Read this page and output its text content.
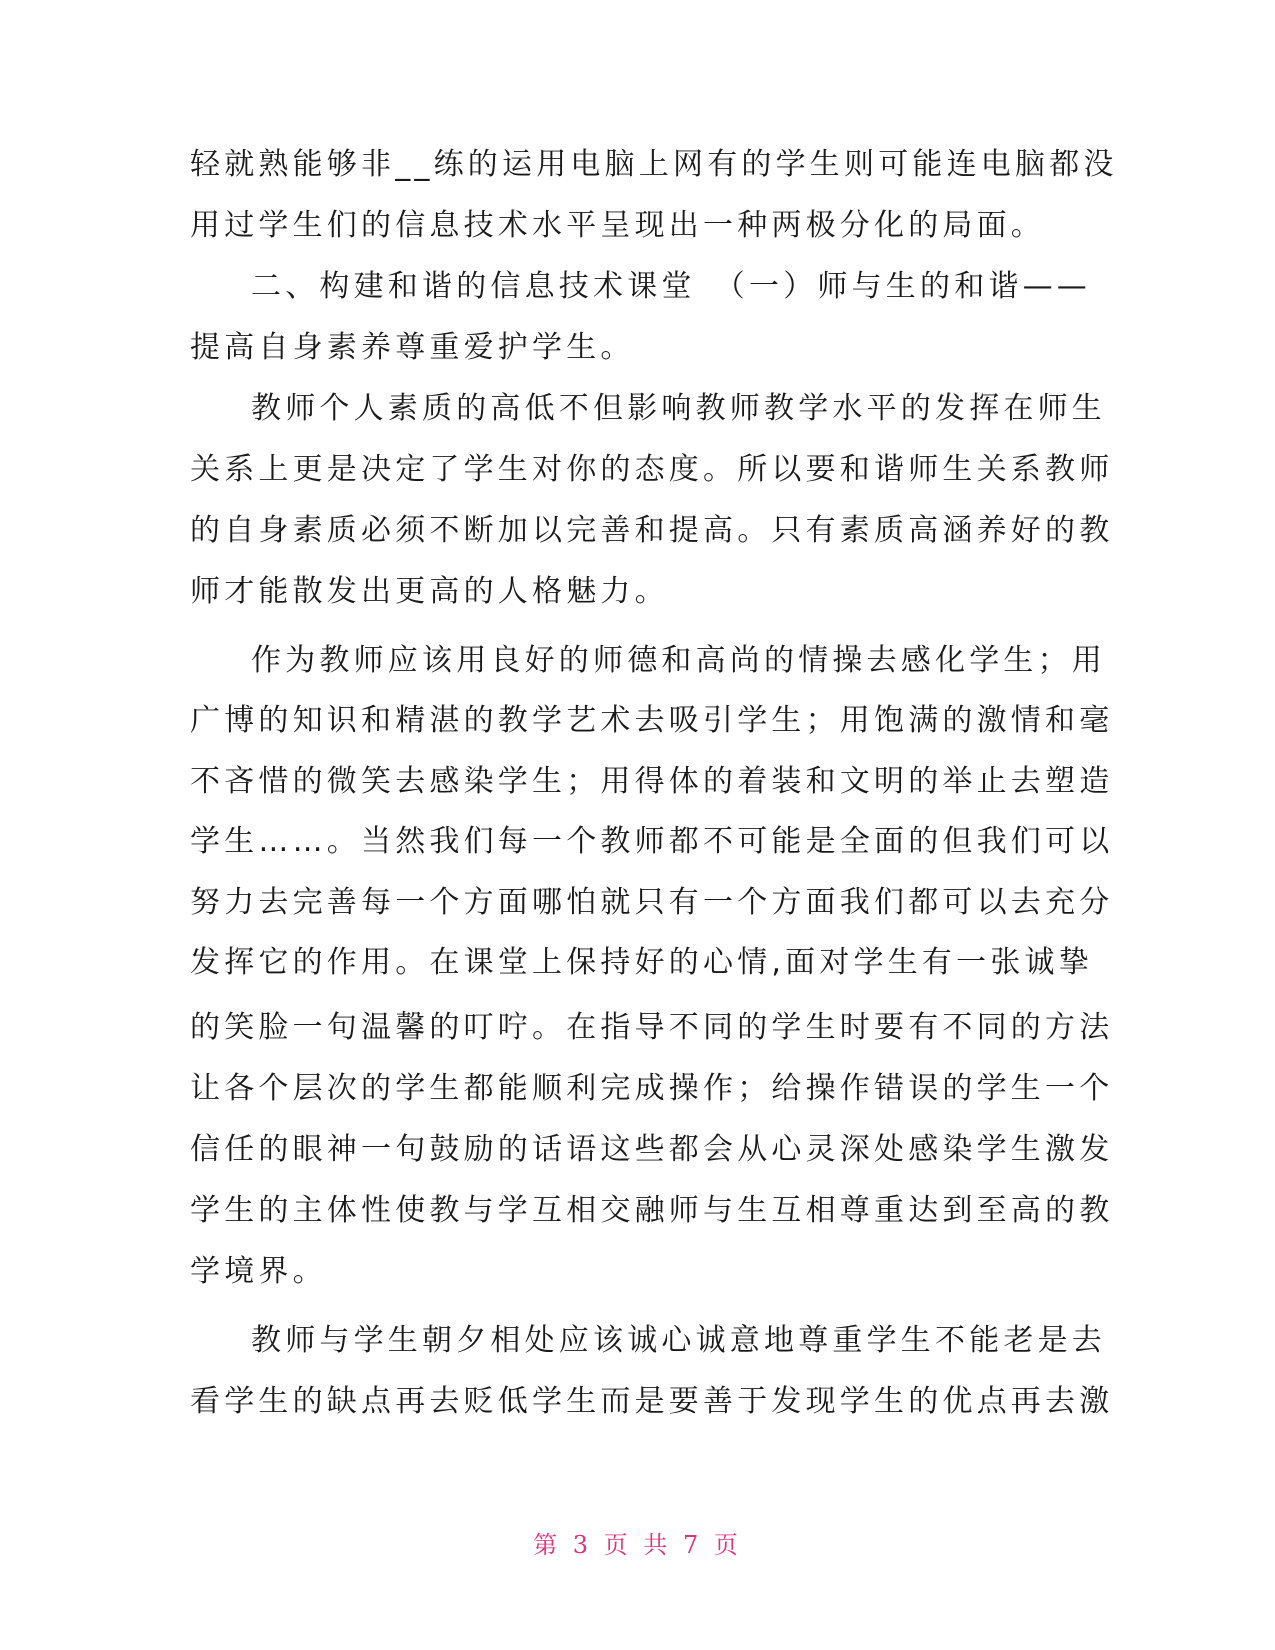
轻就熟能够非__练的运用电脑上网有的学生则可能连电脑都没
用过学生们的信息技术水平呈现出一种两极分化的局面。
二、构建和谐的信息技术课堂　（一）师与生的和谐——
提高自身素养尊重爱护学生。
教师个人素质的高低不但影响教师教学水平的发挥在师生
关系上更是决定了学生对你的态度。所以要和谐师生关系教师
的自身素质必须不断加以完善和提高。只有素质高涵养好的教
师才能散发出更高的人格魅力。
作为教师应该用良好的师德和高尚的情操去感化学生；用
广博的知识和精湛的教学艺术去吸引学生；用饱满的激情和毫
不吝惜的微笑去感染学生；用得体的着装和文明的举止去塑造
学生……。当然我们每一个教师都不可能是全面的但我们可以
努力去完善每一个方面哪怕就只有一个方面我们都可以去充分
发挥它的作用。在课堂上保持好的心情,面对学生有一张诚挚
的笑脸一句温馨的叮咛。在指导不同的学生时要有不同的方法
让各个层次的学生都能顺利完成操作；给操作错误的学生一个
信任的眼神一句鼓励的话语这些都会从心灵深处感染学生激发
学生的主体性使教与学互相交融师与生互相尊重达到至高的教
学境界。
教师与学生朝夕相处应该诚心诚意地尊重学生不能老是去
看学生的缺点再去贬低学生而是要善于发现学生的优点再去激
第 3 页 共 7 页
